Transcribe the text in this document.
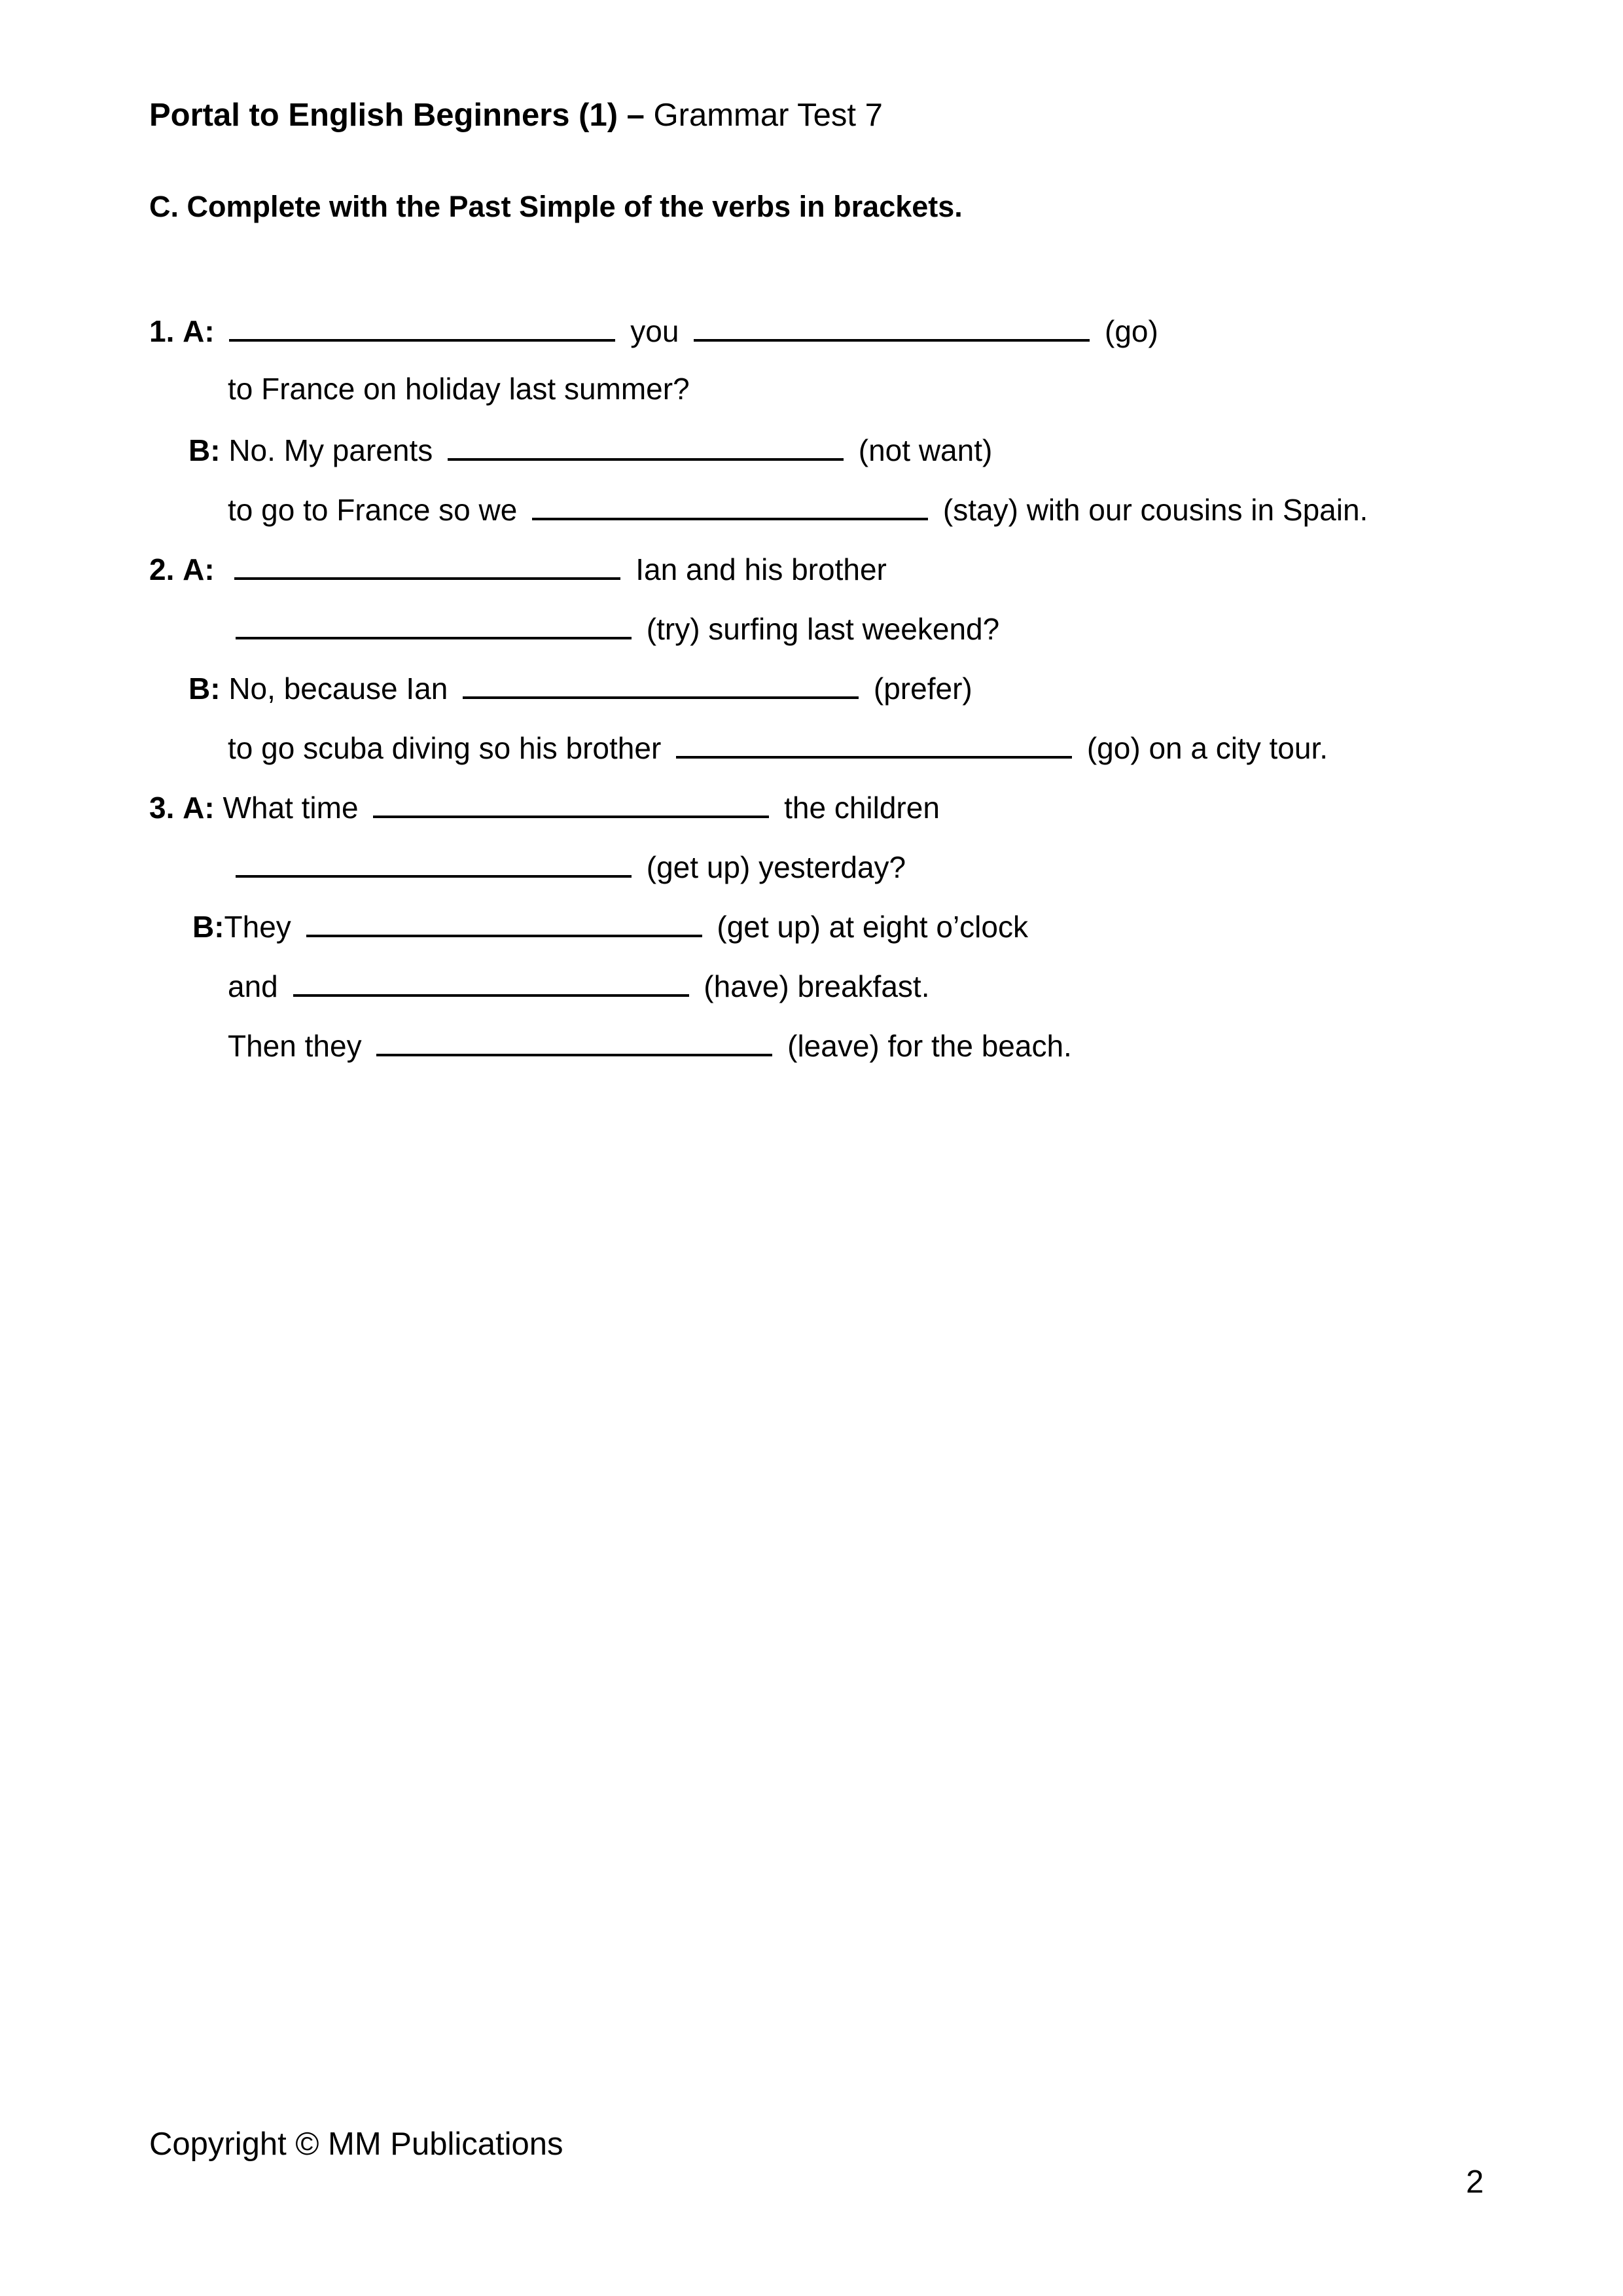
Portal to English Beginners (1) – Grammar Test 7
C. Complete with the Past Simple of the verbs in brackets.
1. A:	you	(go)
to France on holiday last summer?
B: No. My parents	(not want)
to go to France so we	(stay) with our cousins in Spain.
2. A:	Ian and his brother
(try) surfing last weekend?
B: No, because Ian	(prefer)
to go scuba diving so his brother	(go) on a city tour.
3. A: What time	the children
(get up) yesterday?
B:They	(get up) at eight o’clock
and	(have) breakfast.
Then they	(leave) for the beach.
Copyright © MM Publications
2
